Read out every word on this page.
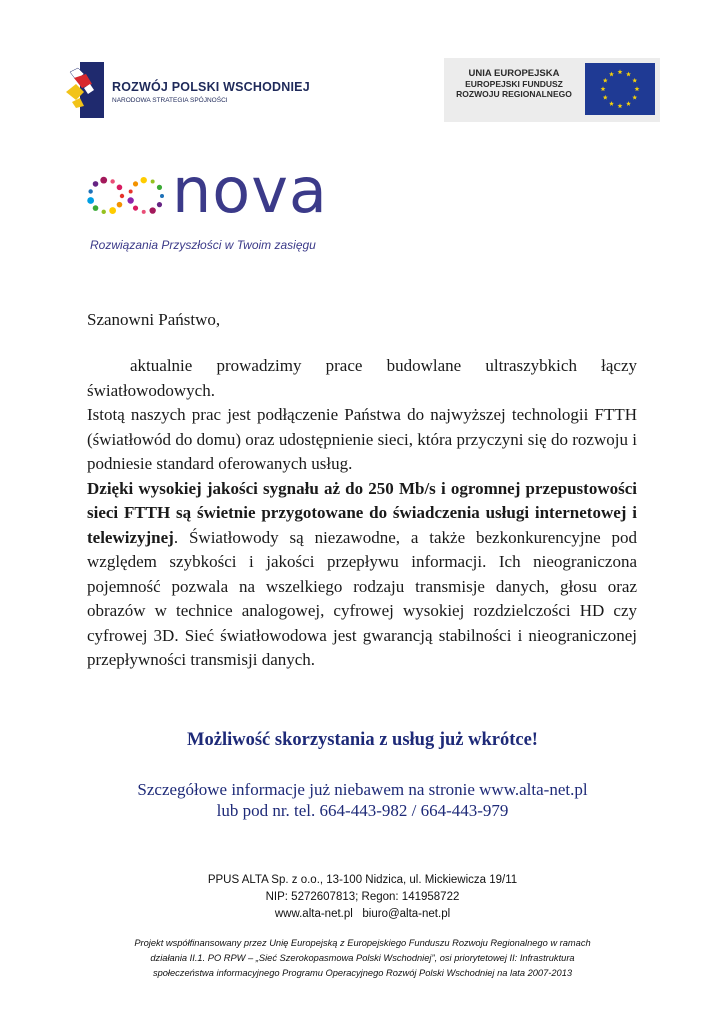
ROZWÓJ POLSKI WSCHODNIEJ
NARODOWA STRATEGIA SPÓJNOŚCI
UNIA EUROPEJSKA
EUROPEJSKI FUNDUSZ
ROZWOJU REGIONALNEGO
nova
Rozwiązania Przyszłości w Twoim zasięgu
Szanowni Państwo,

aktualnie prowadzimy prace budowlane ultraszybkich łączy światłowodowych.

Istotą naszych prac jest podłączenie Państwa do najwyższej technologii FTTH (światłowód do domu) oraz udostępnienie sieci, która przyczyni się do rozwoju i podniesie standard oferowanych usług.

Dzięki wysokiej jakości sygnału aż do 250 Mb/s i ogromnej przepustowości sieci FTTH są świetnie przygotowane do świadczenia usługi internetowej i telewizyjnej. Światłowody są niezawodne, a także bezkonkurencyjne pod względem szybkości i jakości przepływu informacji. Ich nieograniczona pojemność pozwala na wszelkiego rodzaju transmisje danych, głosu oraz obrazów w technice analogowej, cyfrowej wysokiej rozdzielczości HD czy cyfrowej 3D. Sieć światłowodowa jest gwarancją stabilności i nieograniczonej przepływności transmisji danych.

Możliwość skorzystania z usług już wkrótce!
Szczegółowe informacje już niebawem na stronie www.alta-net.pl
lub pod nr. tel. 664-443-982 / 664-443-979
PPUS ALTA Sp. z o.o., 13-100 Nidzica, ul. Mickiewicza 19/11
NIP: 5272607813; Regon: 141958722
www.alta-net.pl   biuro@alta-net.pl
Projekt współfinansowany przez Unię Europejską z Europejskiego Funduszu Rozwoju Regionalnego w ramach
działania II.1. PO RPW – „Sieć Szerokopasmowa Polski Wschodniej”, osi priorytetowej II: Infrastruktura
społeczeństwa informacyjnego Programu Operacyjnego Rozwój Polski Wschodniej na lata 2007-2013
